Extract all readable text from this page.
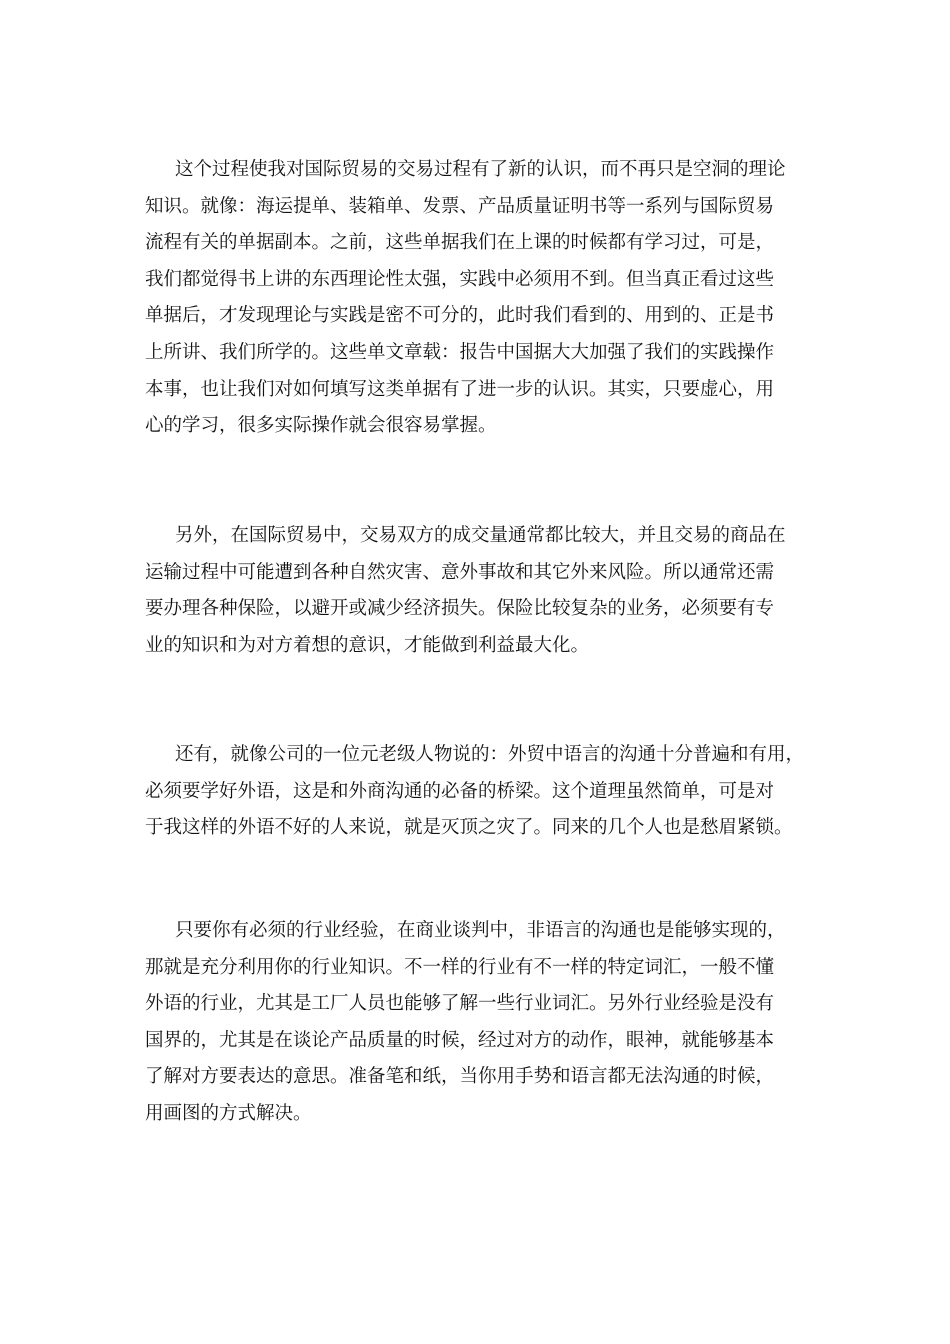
这个过程使我对国际贸易的交易过程有了新的认识，而不再只是空洞的理论
知识。就像：海运提单、装箱单、发票、产品质量证明书等一系列与国际贸易
流程有关的单据副本。之前，这些单据我们在上课的时候都有学习过，可是，
我们都觉得书上讲的东西理论性太强，实践中必须用不到。但当真正看过这些
单据后，才发现理论与实践是密不可分的，此时我们看到的、用到的、正是书
上所讲、我们所学的。这些单文章载：报告中国据大大加强了我们的实践操作
本事，也让我们对如何填写这类单据有了进一步的认识。其实，只要虚心，用
心的学习，很多实际操作就会很容易掌握。
另外，在国际贸易中，交易双方的成交量通常都比较大，并且交易的商品在
运输过程中可能遭到各种自然灾害、意外事故和其它外来风险。所以通常还需
要办理各种保险，以避开或减少经济损失。保险比较复杂的业务，必须要有专
业的知识和为对方着想的意识，才能做到利益最大化。
还有，就像公司的一位元老级人物说的：外贸中语言的沟通十分普遍和有用，
必须要学好外语，这是和外商沟通的必备的桥梁。这个道理虽然简单，可是对
于我这样的外语不好的人来说，就是灭顶之灾了。同来的几个人也是愁眉紧锁。
只要你有必须的行业经验，在商业谈判中，非语言的沟通也是能够实现的，
那就是充分利用你的行业知识。不一样的行业有不一样的特定词汇，一般不懂
外语的行业，尤其是工厂人员也能够了解一些行业词汇。另外行业经验是没有
国界的，尤其是在谈论产品质量的时候，经过对方的动作，眼神，就能够基本
了解对方要表达的意思。准备笔和纸，当你用手势和语言都无法沟通的时候，
用画图的方式解决。
